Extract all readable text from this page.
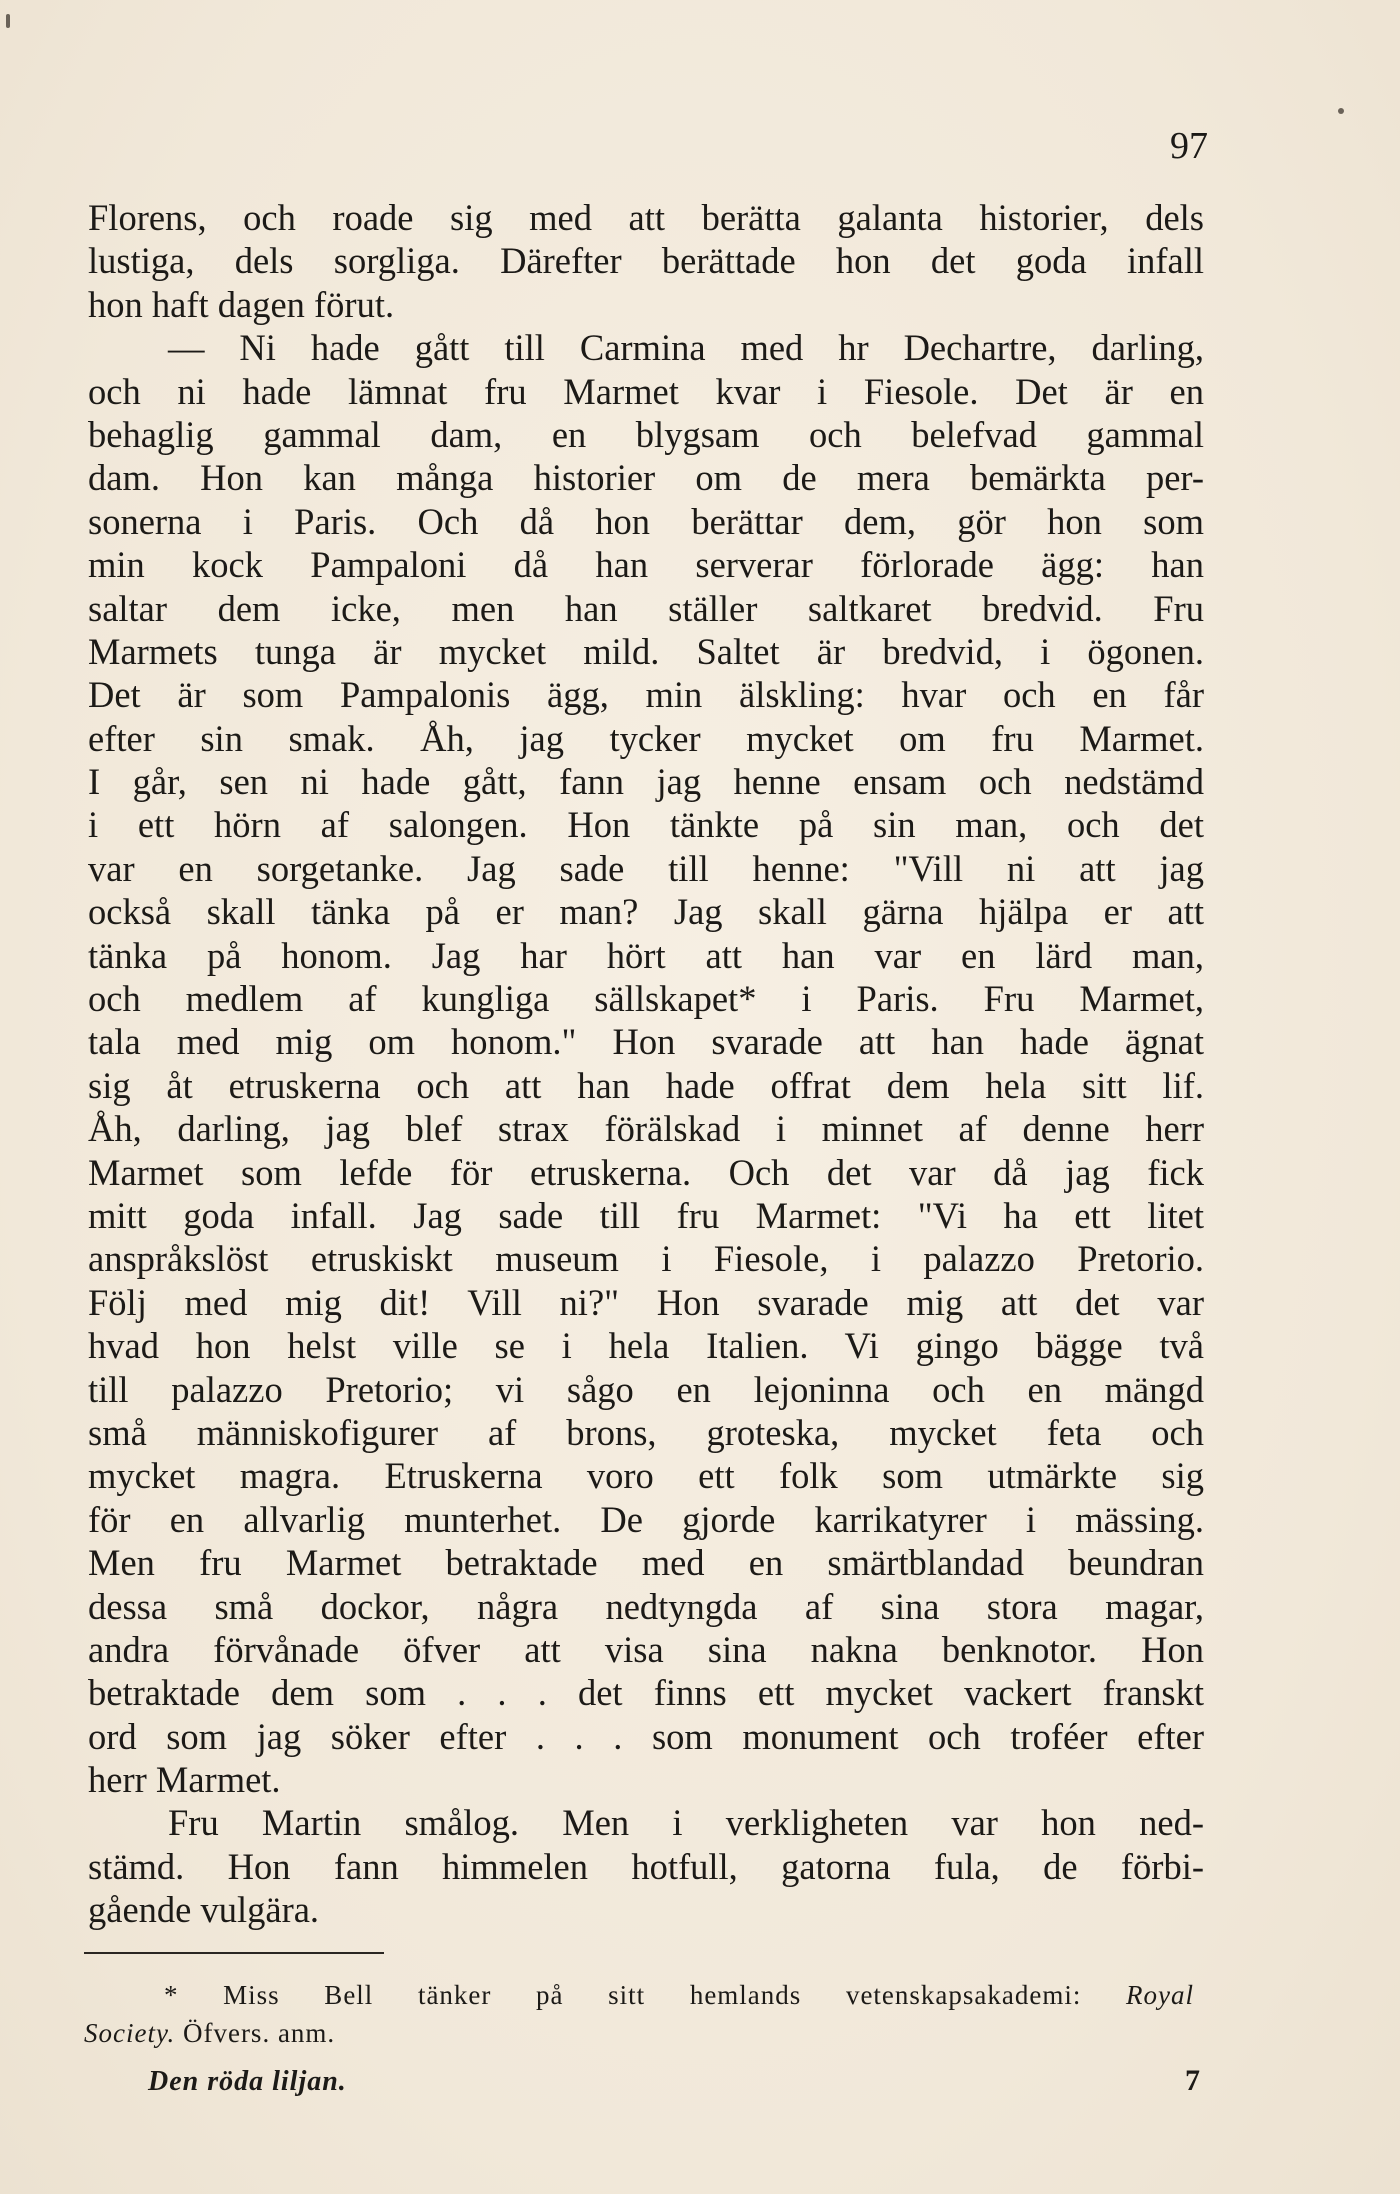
97
Florens, och roade sig med att berätta galanta historier, dels
lustiga, dels sorgliga. Därefter berättade hon det goda infall
hon haft dagen förut.
— Ni hade gått till Carmina med hr Dechartre, darling,
och ni hade lämnat fru Marmet kvar i Fiesole. Det är en
behaglig gammal dam, en blygsam och belefvad gammal
dam. Hon kan många historier om de mera bemärkta per-
sonerna i Paris. Och då hon berättar dem, gör hon som
min kock Pampaloni då han serverar förlorade ägg: han
saltar dem icke, men han ställer saltkaret bredvid. Fru
Marmets tunga är mycket mild. Saltet är bredvid, i ögonen.
Det är som Pampalonis ägg, min älskling: hvar och en får
efter sin smak. Åh, jag tycker mycket om fru Marmet.
I går, sen ni hade gått, fann jag henne ensam och nedstämd
i ett hörn af salongen. Hon tänkte på sin man, och det
var en sorgetanke. Jag sade till henne: "Vill ni att jag
också skall tänka på er man? Jag skall gärna hjälpa er att
tänka på honom. Jag har hört att han var en lärd man,
och medlem af kungliga sällskapet* i Paris. Fru Marmet,
tala med mig om honom." Hon svarade att han hade ägnat
sig åt etruskerna och att han hade offrat dem hela sitt lif.
Åh, darling, jag blef strax förälskad i minnet af denne herr
Marmet som lefde för etruskerna. Och det var då jag fick
mitt goda infall. Jag sade till fru Marmet: "Vi ha ett litet
anspråkslöst etruskiskt museum i Fiesole, i palazzo Pretorio.
Följ med mig dit! Vill ni?" Hon svarade mig att det var
hvad hon helst ville se i hela Italien. Vi gingo bägge två
till palazzo Pretorio; vi sågo en lejoninna och en mängd
små människofigurer af brons, groteska, mycket feta och
mycket magra. Etruskerna voro ett folk som utmärkte sig
för en allvarlig munterhet. De gjorde karrikatyrer i mässing.
Men fru Marmet betraktade med en smärtblandad beundran
dessa små dockor, några nedtyngda af sina stora magar,
andra förvånade öfver att visa sina nakna benknotor. Hon
betraktade dem som . . . det finns ett mycket vackert franskt
ord som jag söker efter . . . som monument och troféer efter
herr Marmet.
Fru Martin smålog. Men i verkligheten var hon ned-
stämd. Hon fann himmelen hotfull, gatorna fula, de förbi-
gående vulgära.
* Miss Bell tänker på sitt hemlands vetenskapsakademi: Royal
Society. Öfvers. anm.
Den röda liljan.	7
